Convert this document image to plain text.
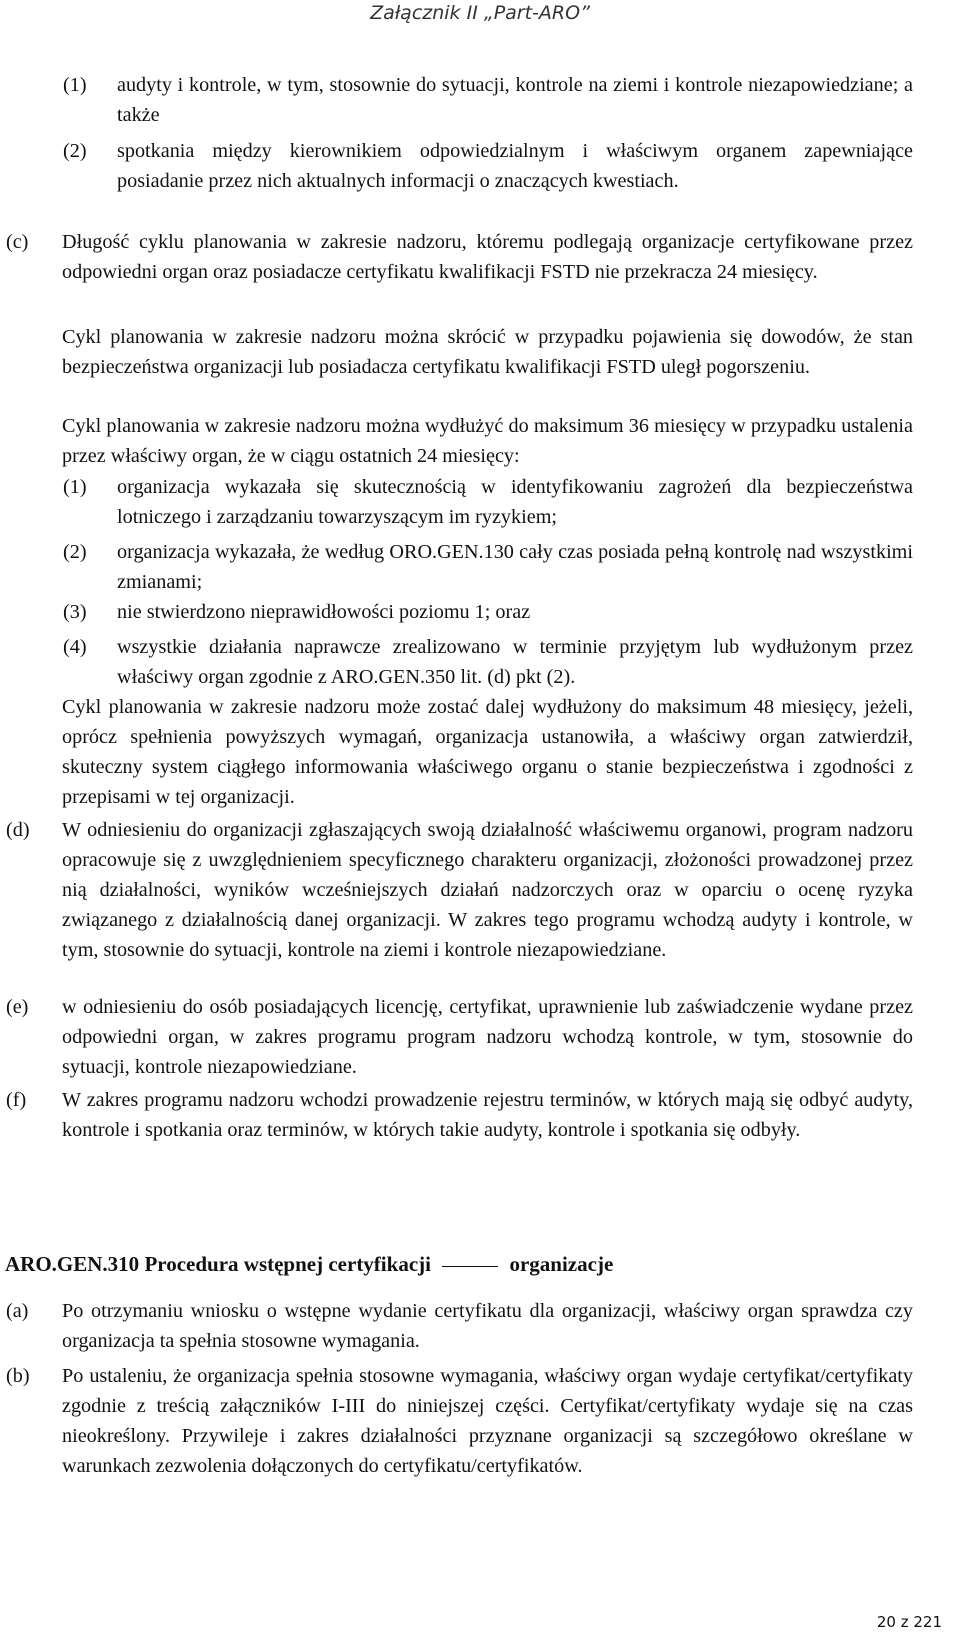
Załącznik II „Part-ARO”
(1) audyty i kontrole, w tym, stosownie do sytuacji, kontrole na ziemi i kontrole niezapowiedziane; a także
(2) spotkania między kierownikiem odpowiedzialnym i właściwym organem zapewniające posiadanie przez nich aktualnych informacji o znaczących kwestiach.
(c) Długość cyklu planowania w zakresie nadzoru, któremu podlegają organizacje certyfikowane przez odpowiedni organ oraz posiadacze certyfikatu kwalifikacji FSTD nie przekracza 24 miesięcy.
Cykl planowania w zakresie nadzoru można skrócić w przypadku pojawienia się dowodów, że stan bezpieczeństwa organizacji lub posiadacza certyfikatu kwalifikacji FSTD uległ pogorszeniu.
Cykl planowania w zakresie nadzoru można wydłużyć do maksimum 36 miesięcy w przypadku ustalenia przez właściwy organ, że w ciągu ostatnich 24 miesięcy:
(1) organizacja wykazała się skutecznością w identyfikowaniu zagrożeń dla bezpieczeństwa lotniczego i zarządzaniu towarzyszącym im ryzykiem;
(2) organizacja wykazała, że według ORO.GEN.130 cały czas posiada pełną kontrolę nad wszystkimi zmianami;
(3) nie stwierdzono nieprawidłowości poziomu 1; oraz
(4) wszystkie działania naprawcze zrealizowano w terminie przyjętym lub wydłużonym przez właściwy organ zgodnie z ARO.GEN.350 lit. (d) pkt (2).
Cykl planowania w zakresie nadzoru może zostać dalej wydłużony do maksimum 48 miesięcy, jeżeli, oprócz spełnienia powyższych wymagań, organizacja ustanowiła, a właściwy organ zatwierdził, skuteczny system ciągłego informowania właściwego organu o stanie bezpieczeństwa i zgodności z przepisami w tej organizacji.
(d) W odniesieniu do organizacji zgłaszających swoją działalność właściwemu organowi, program nadzoru opracowuje się z uwzględnieniem specyficznego charakteru organizacji, złożoności prowadzonej przez nią działalności, wyników wcześniejszych działań nadzorczych oraz w oparciu o ocenę ryzyka związanego z działalnością danej organizacji. W zakres tego programu wchodzą audyty i kontrole, w tym, stosownie do sytuacji, kontrole na ziemi i kontrole niezapowiedziane.
(e) w odniesieniu do osób posiadających licencję, certyfikat, uprawnienie lub zaświadczenie wydane przez odpowiedni organ, w zakres programu program nadzoru wchodzą kontrole, w tym, stosownie do sytuacji, kontrole niezapowiedziane.
(f) W zakres programu nadzoru wchodzi prowadzenie rejestru terminów, w których mają się odbyć audyty, kontrole i spotkania oraz terminów, w których takie audyty, kontrole i spotkania się odbyły.
ARO.GEN.310 Procedura wstępnej certyfikacji	organizacje
(a) Po otrzymaniu wniosku o wstępne wydanie certyfikatu dla organizacji, właściwy organ sprawdza czy organizacja ta spełnia stosowne wymagania.
(b) Po ustaleniu, że organizacja spełnia stosowne wymagania, właściwy organ wydaje certyfikat/certyfikaty zgodnie z treścią załączników I-III do niniejszej części. Certyfikat/certyfikaty wydaje się na czas nieokreślony. Przywileje i zakres działalności przyznane organizacji są szczegółowo określane w warunkach zezwolenia dołączonych do certyfikatu/certyfikatów.
20 z 221
